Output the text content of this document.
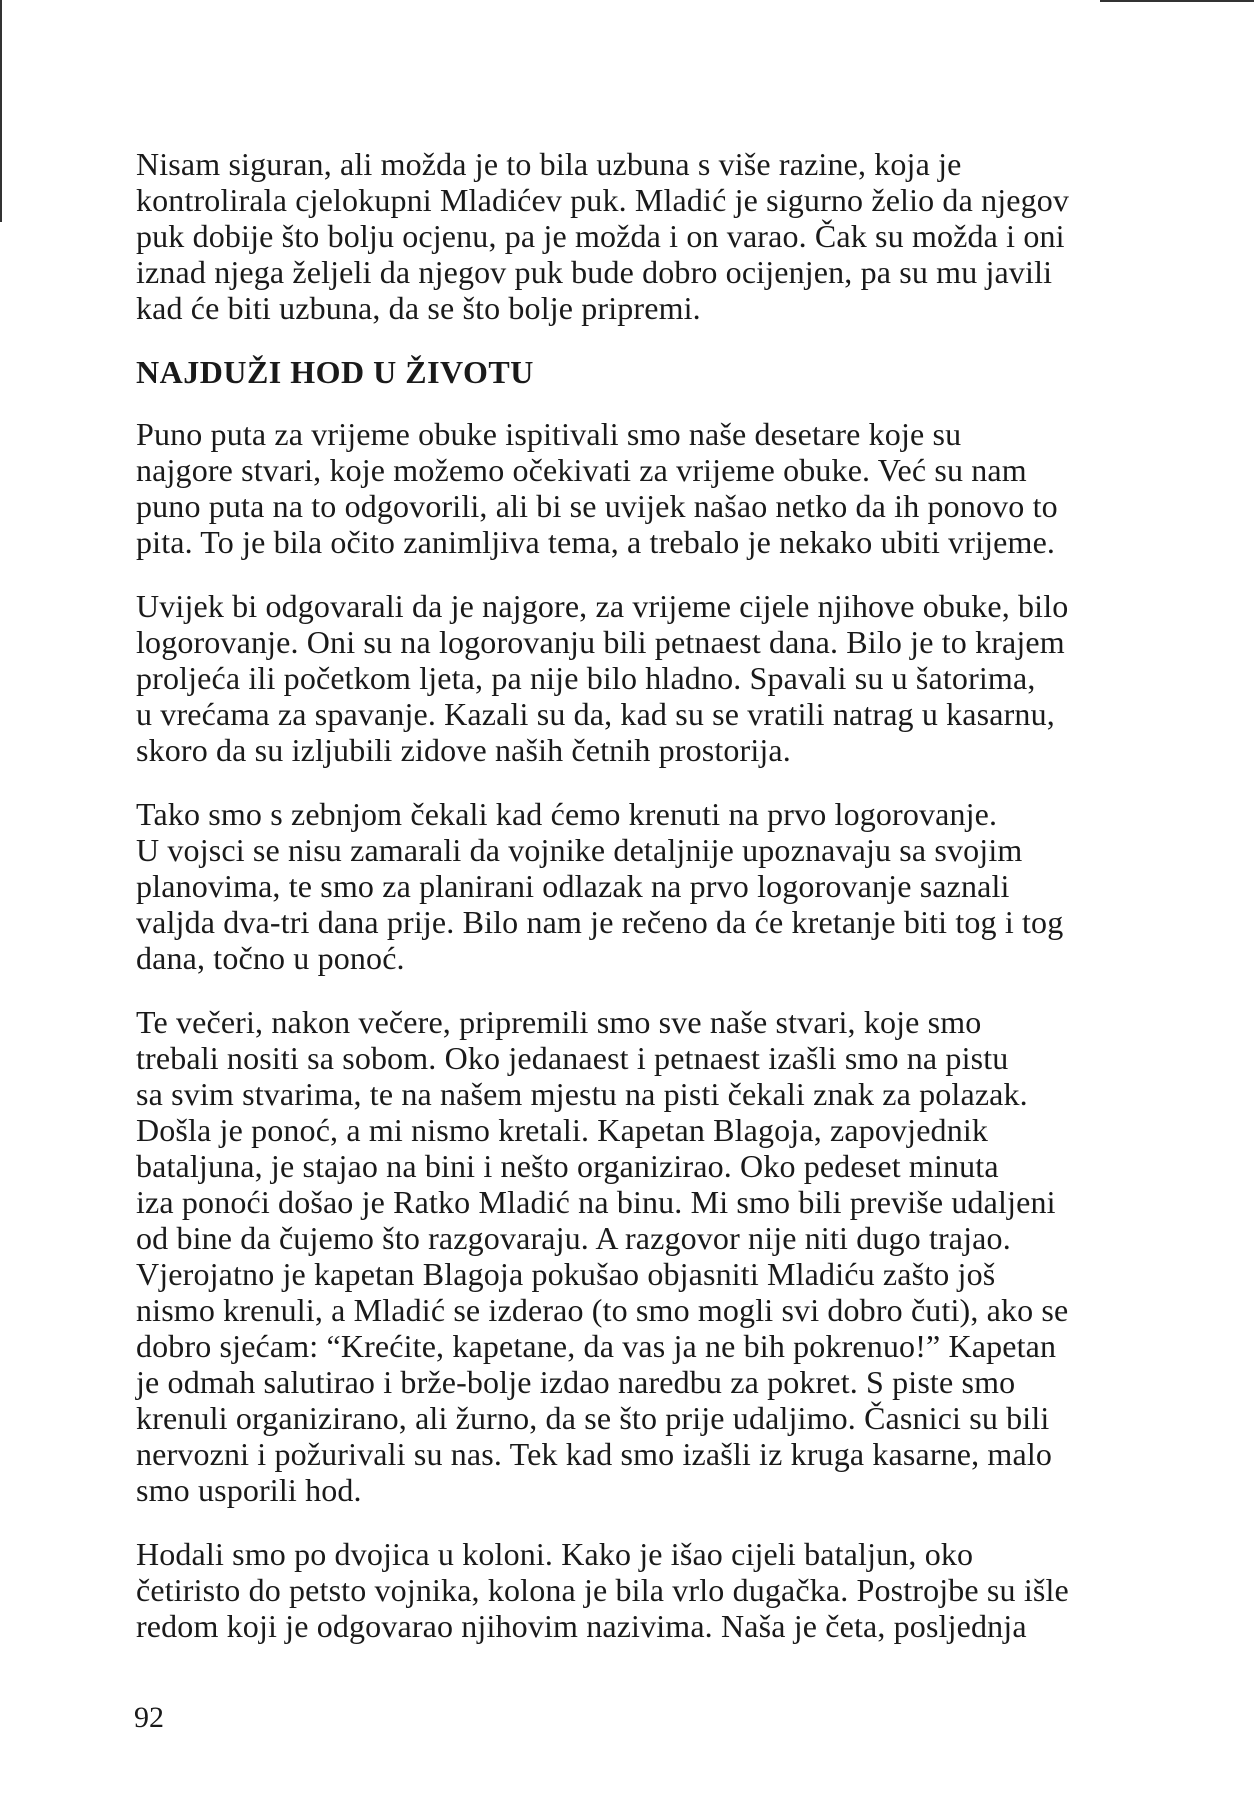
Nisam siguran, ali možda je to bila uzbuna s više razine, koja je
kontrolirala cjelokupni Mladićev puk. Mladić je sigurno želio da njegov
puk dobije što bolju ocjenu, pa je možda i on varao. Čak su možda i oni
iznad njega željeli da njegov puk bude dobro ocijenjen, pa su mu javili
kad će biti uzbuna, da se što bolje pripremi.

NAJDUŽI HOD U ŽIVOTU

Puno puta za vrijeme obuke ispitivali smo naše desetare koje su
najgore stvari, koje možemo očekivati za vrijeme obuke. Već su nam
puno puta na to odgovorili, ali bi se uvijek našao netko da ih ponovo to
pita. To je bila očito zanimljiva tema, a trebalo je nekako ubiti vrijeme.

Uvijek bi odgovarali da je najgore, za vrijeme cijele njihove obuke, bilo
logorovanje. Oni su na logorovanju bili petnaest dana. Bilo je to krajem
proljeća ili početkom ljeta, pa nije bilo hladno. Spavali su u šatorima,
u vrećama za spavanje. Kazali su da, kad su se vratili natrag u kasarnu,
skoro da su izljubili zidove naših četnih prostorija.

Tako smo s zebnjom čekali kad ćemo krenuti na prvo logorovanje.
U vojsci se nisu zamarali da vojnike detaljnije upoznavaju sa svojim
planovima, te smo za planirani odlazak na prvo logorovanje saznali
valjda dva-tri dana prije. Bilo nam je rečeno da će kretanje biti tog i tog
dana, točno u ponoć.

Te večeri, nakon večere, pripremili smo sve naše stvari, koje smo
trebali nositi sa sobom. Oko jedanaest i petnaest izašli smo na pistu
sa svim stvarima, te na našem mjestu na pisti čekali znak za polazak.
Došla je ponoć, a mi nismo kretali. Kapetan Blagoja, zapovjednik
bataljuna, je stajao na bini i nešto organizirao. Oko pedeset minuta
iza ponoći došao je Ratko Mladić na binu. Mi smo bili previše udaljeni
od bine da čujemo što razgovaraju. A razgovor nije niti dugo trajao.
Vjerojatno je kapetan Blagoja pokušao objasniti Mladiću zašto još
nismo krenuli, a Mladić se izderao (to smo mogli svi dobro čuti), ako se
dobro sjećam: “Krećite, kapetane, da vas ja ne bih pokrenuo!” Kapetan
je odmah salutirao i brže-bolje izdao naredbu za pokret. S piste smo
krenuli organizirano, ali žurno, da se što prije udaljimo. Časnici su bili
nervozni i požurivali su nas. Tek kad smo izašli iz kruga kasarne, malo
smo usporili hod.

Hodali smo po dvojica u koloni. Kako je išao cijeli bataljun, oko
četiristo do petsto vojnika, kolona je bila vrlo dugačka. Postrojbe su išle
redom koji je odgovarao njihovim nazivima. Naša je četa, posljednja

92
